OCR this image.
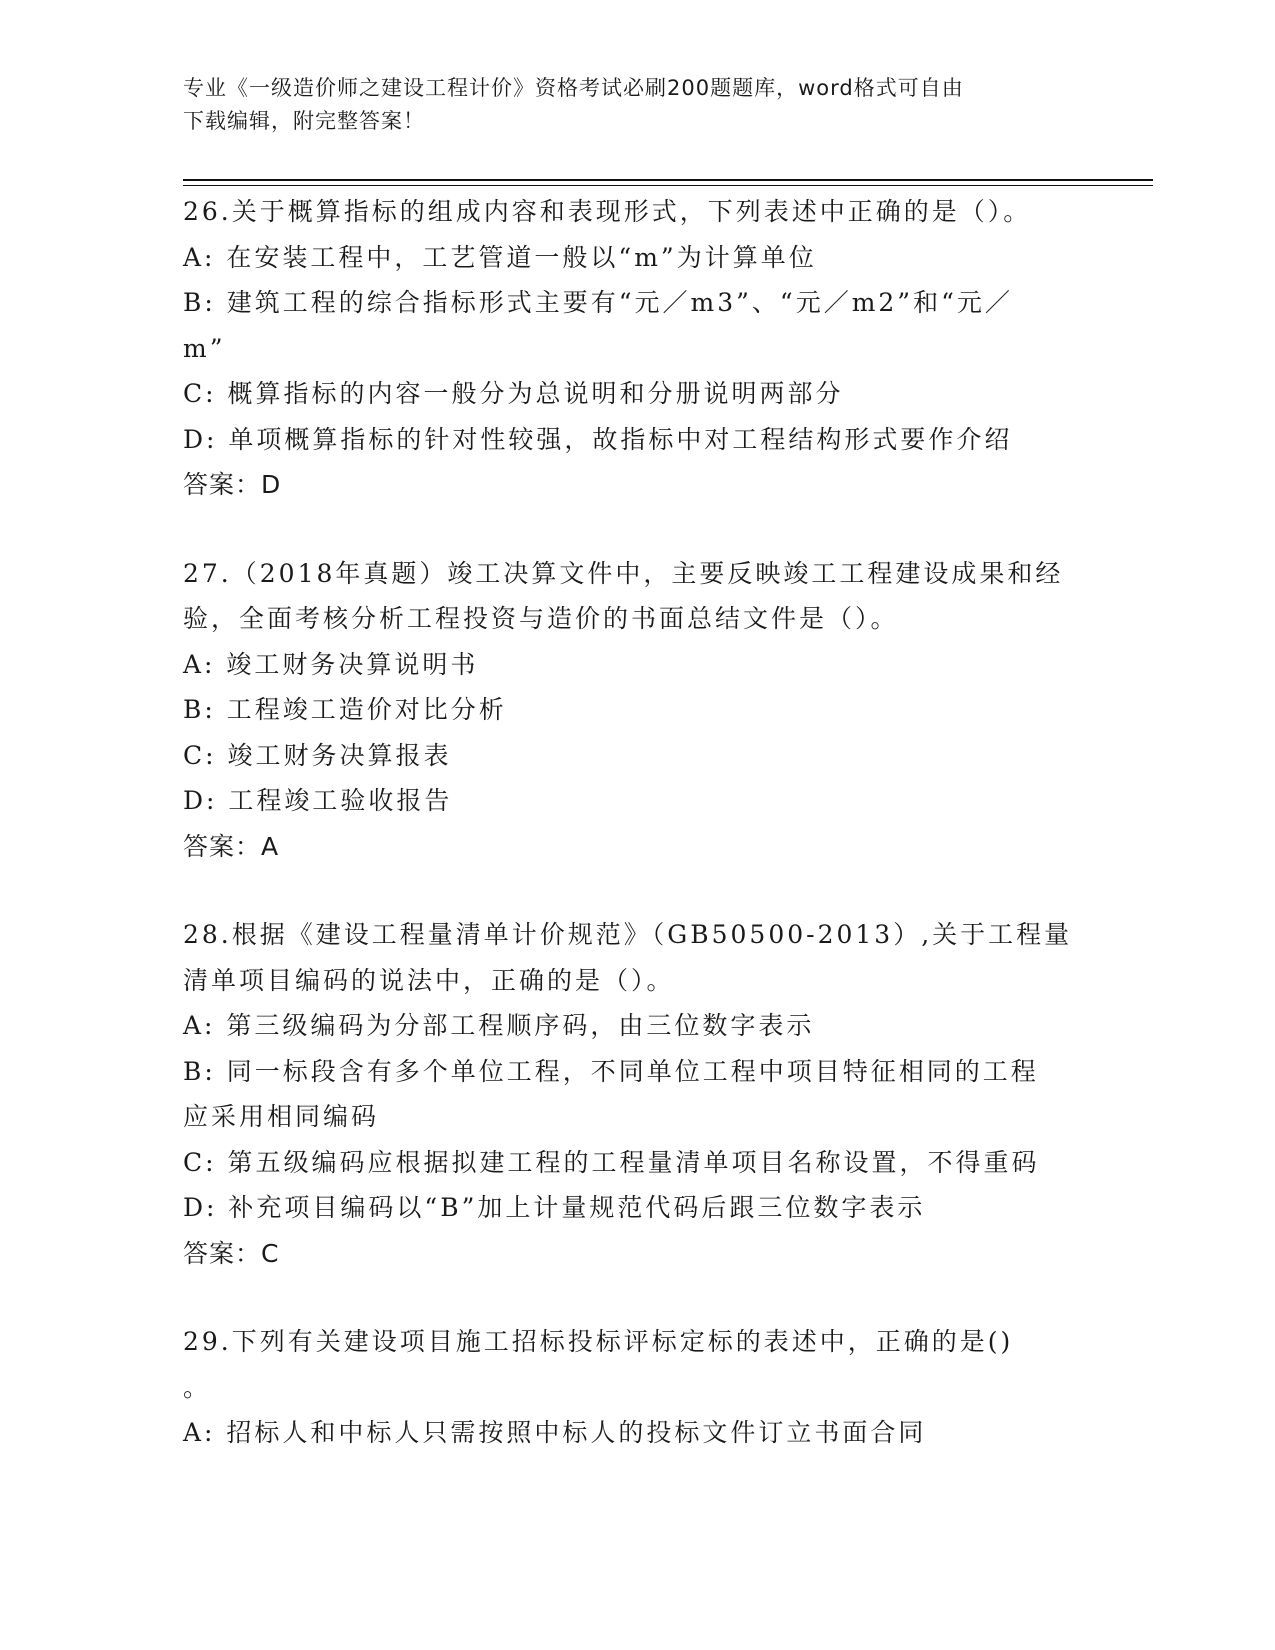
专业《一级造价师之建设工程计价》资格考试必刷200题题库，word格式可自由
下载编辑，附完整答案！
26.关于概算指标的组成内容和表现形式，下列表述中正确的是（）。
A: 在安装工程中，工艺管道一般以“m”为计算单位
B: 建筑工程的综合指标形式主要有“元／m3”、“元／m2”和“元／
m”
C: 概算指标的内容一般分为总说明和分册说明两部分
D: 单项概算指标的针对性较强，故指标中对工程结构形式要作介绍
答案：D
27.（2018年真题）竣工决算文件中，主要反映竣工工程建设成果和经
验，全面考核分析工程投资与造价的书面总结文件是（）。
A: 竣工财务决算说明书
B: 工程竣工造价对比分析
C: 竣工财务决算报表
D: 工程竣工验收报告
答案：A
28.根据《建设工程量清单计价规范》（GB50500-2013）,关于工程量
清单项目编码的说法中，正确的是（）。
A: 第三级编码为分部工程顺序码，由三位数字表示
B: 同一标段含有多个单位工程，不同单位工程中项目特征相同的工程
应采用相同编码
C: 第五级编码应根据拟建工程的工程量清单项目名称设置，不得重码
D: 补充项目编码以“B”加上计量规范代码后跟三位数字表示
答案：C
29.下列有关建设项目施工招标投标评标定标的表述中，正确的是()
。
A: 招标人和中标人只需按照中标人的投标文件订立书面合同
